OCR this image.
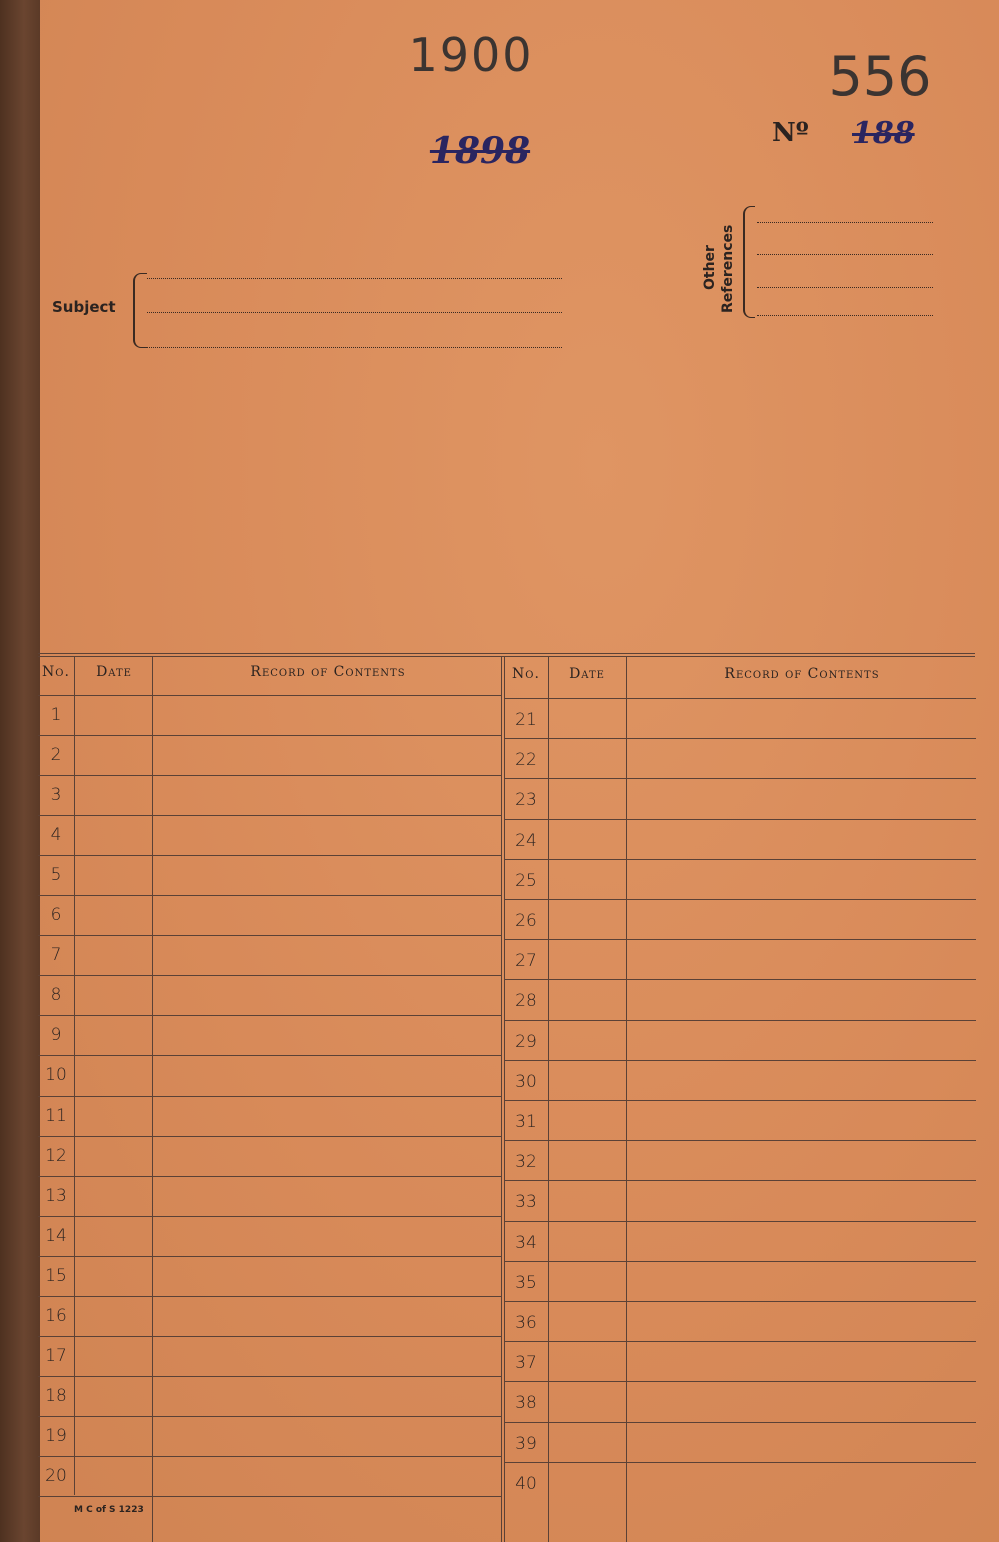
1900
1898
556
Nº 188
Subject
Other References
No.	Date	Record of Contents	No.	Date	Record of Contents
M C of S 1223
1
2
3
4
5
6
7
8
9
10
11
12
13
14
15
16
17
18
19
20
21
22
23
24
25
26
27
28
29
30
31
32
33
34
35
36
37
38
39
40
